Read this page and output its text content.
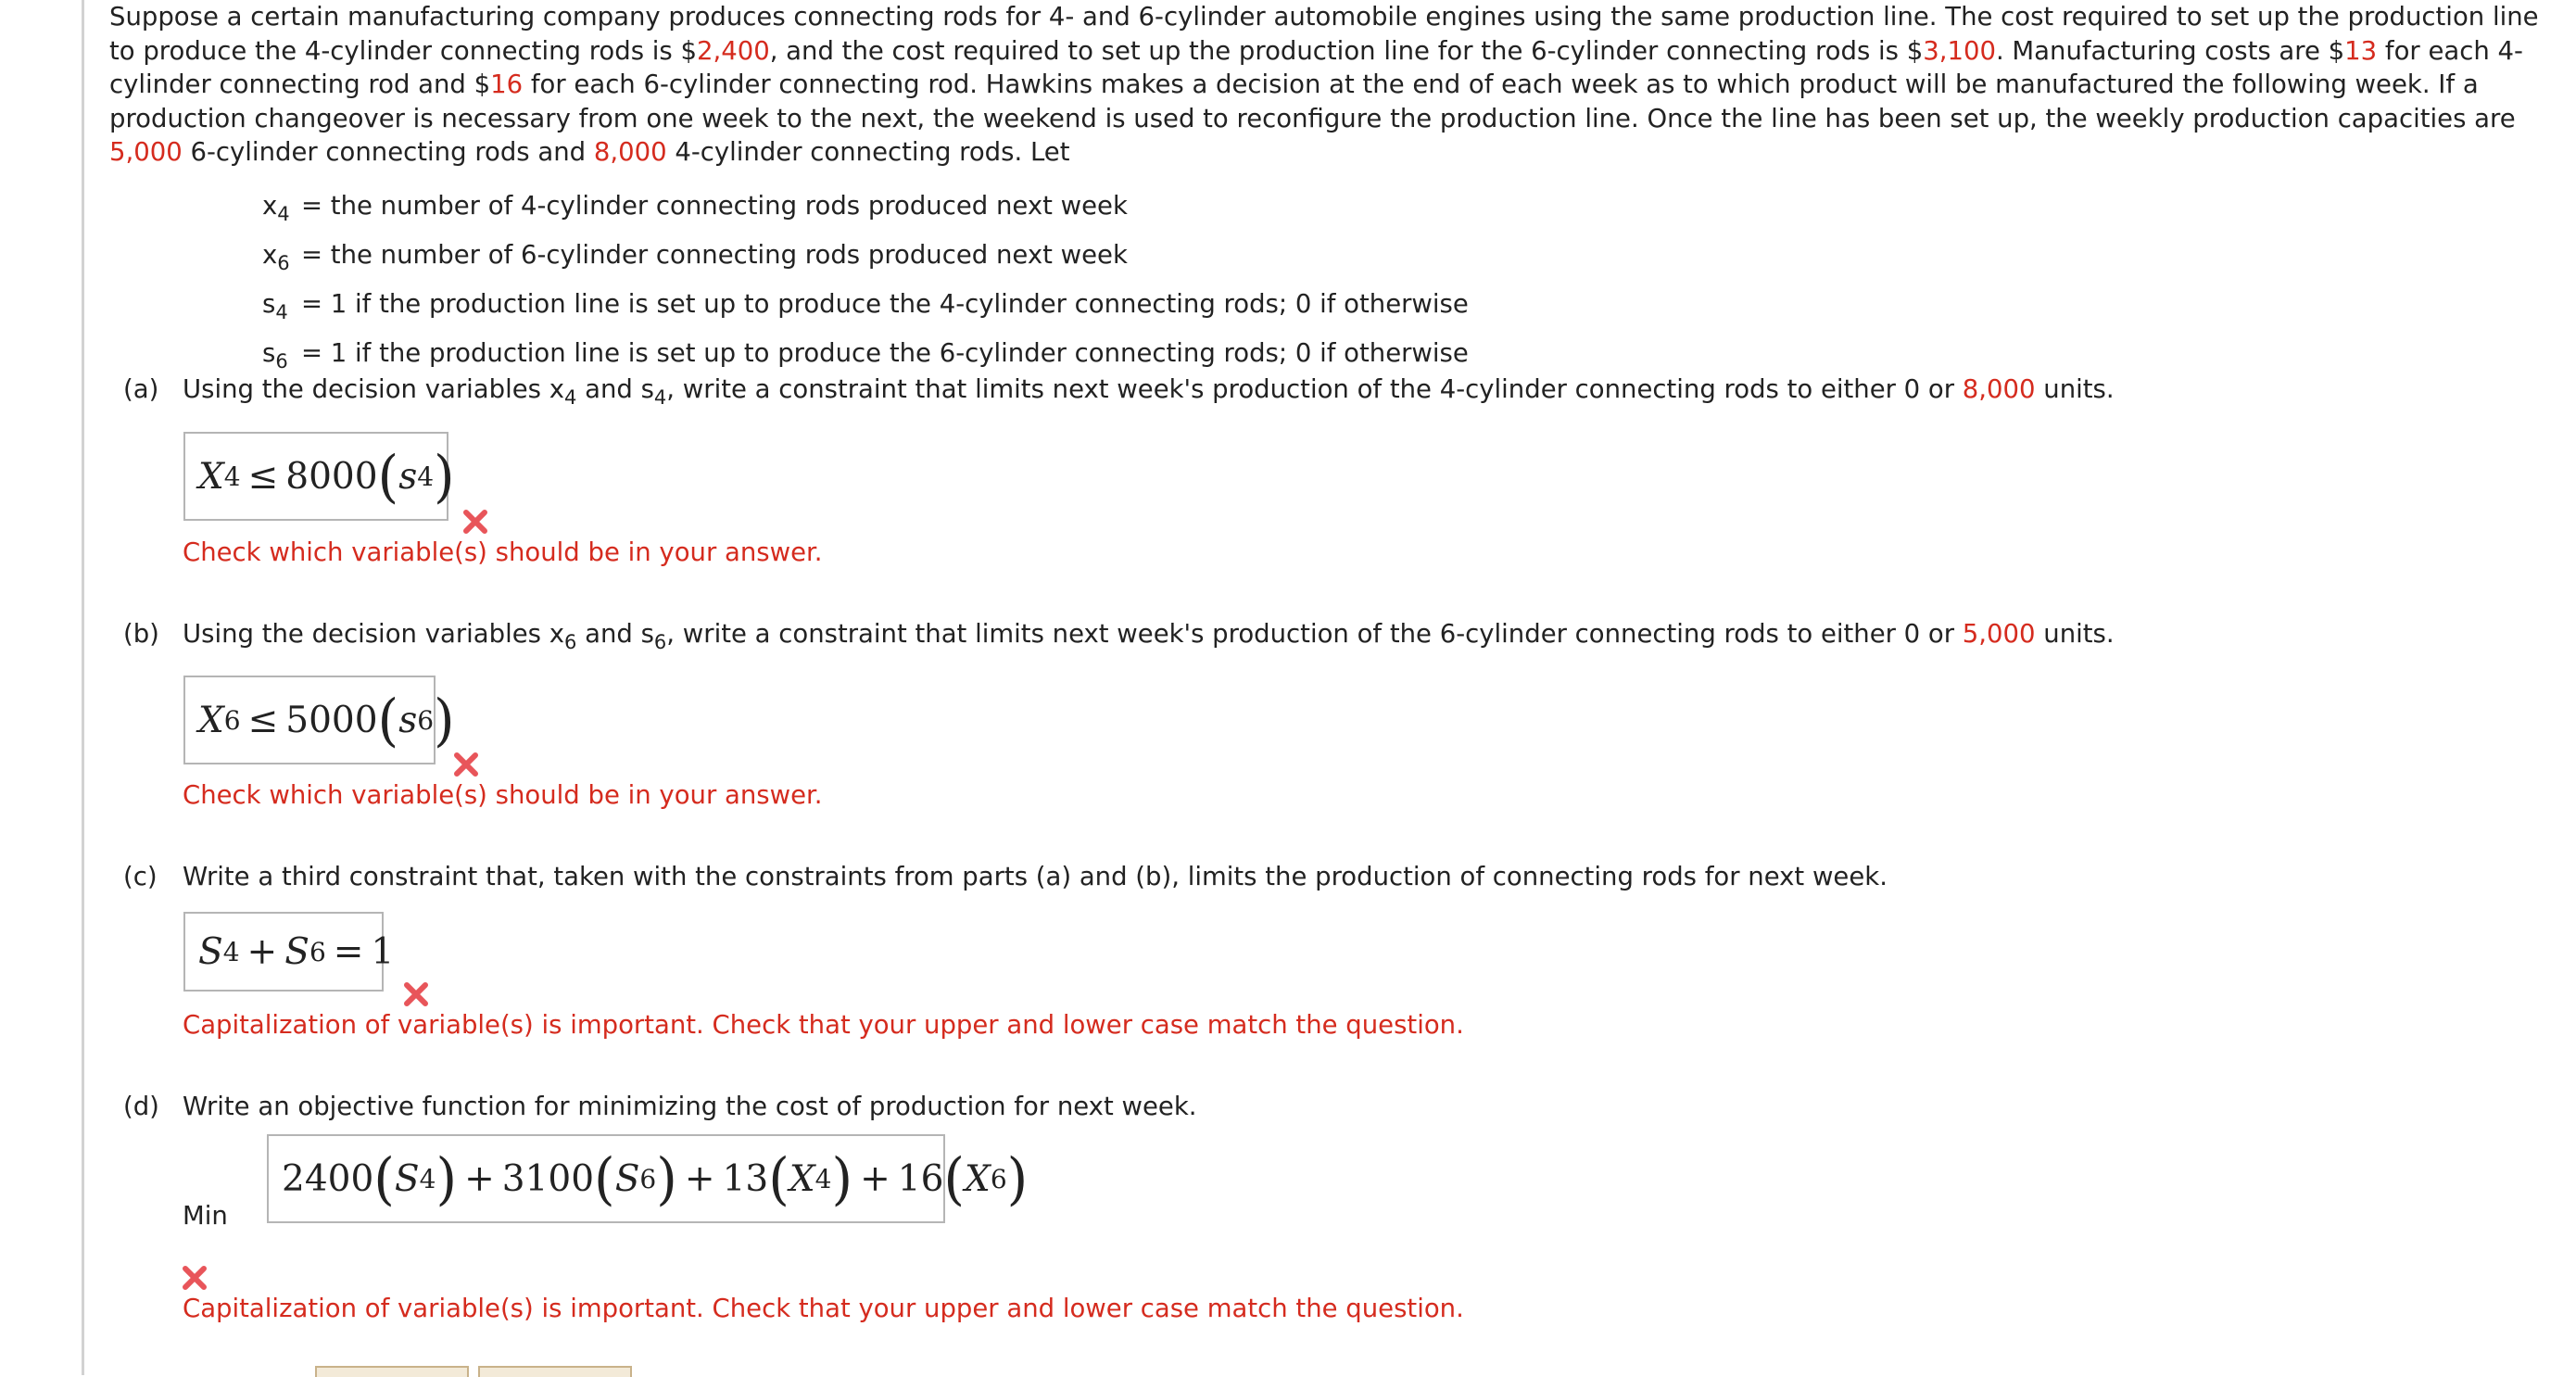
Suppose a certain manufacturing company produces connecting rods for 4- and 6-cylinder automobile engines using the same production line. The cost required to set up the production line to produce the 4-cylinder connecting rods is $2,400, and the cost required to set up the production line for the 6-cylinder connecting rods is $3,100. Manufacturing costs are $13 for each 4-cylinder connecting rod and $16 for each 6-cylinder connecting rod. Hawkins makes a decision at the end of each week as to which product will be manufactured the following week. If a production changeover is necessary from one week to the next, the weekend is used to reconfigure the production line. Once the line has been set up, the weekly production capacities are 5,000 6-cylinder connecting rods and 8,000 4-cylinder connecting rods. Let

$x_4$ = the number of 4-cylinder connecting rods produced next week
$x_6$ = the number of 6-cylinder connecting rods produced next week
$s_4 = 1$ if the production line is set up to produce the 4-cylinder connecting rods; 0 if otherwise
$s_6 = 1$ if the production line is set up to produce the 6-cylinder connecting rods; 0 if otherwise
(a) Using the decision variables $x_4$ and $s_4$, write a constraint that limits next week's production of the 4-cylinder connecting rods to either 0 or 8,000 units.
X 4 ≤ 8000 ( s 4 )
Check which variable(s) should be in your answer.
(b) Using the decision variables $x_6$ and $s_6$, write a constraint that limits next week's production of the 6-cylinder connecting rods to either 0 or 5,000 units.
X 6 ≤ 5000 ( s 6 )
Check which variable(s) should be in your answer.
(c) Write a third constraint that, taken with the constraints from parts (a) and (b), limits the production of connecting rods for next week.
S 4 + S 6 = 1
Capitalization of variable(s) is important. Check that your upper and lower case match the question.
(d) Write an objective function for minimizing the cost of production for next week.
Min
2400 ( S 4 ) + 3100 ( S 6 ) + 13 ( X 4 ) + 16 ( X 6 )
Capitalization of variable(s) is important. Check that your upper and lower case match the question.
